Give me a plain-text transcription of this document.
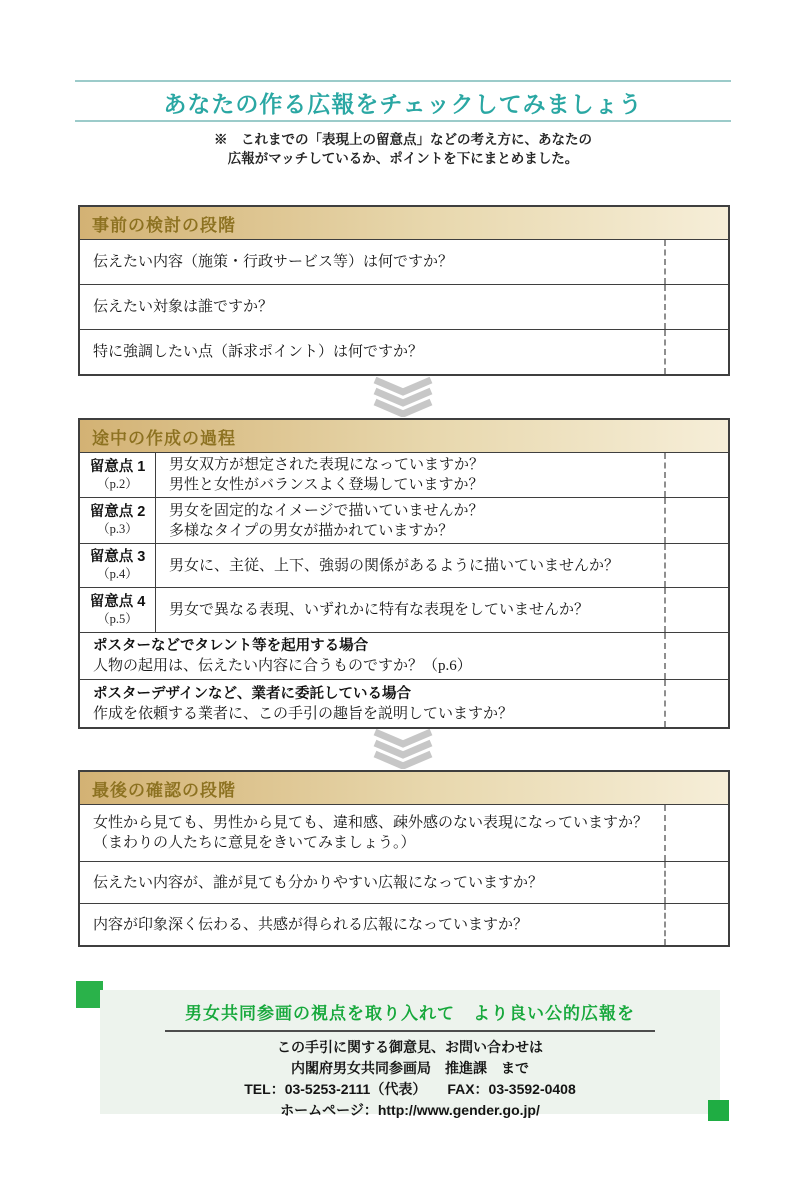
あなたの作る広報をチェックしてみましょう
※　これまでの「表現上の留意点」などの考え方に、あなたの
広報がマッチしているか、ポイントを下にまとめました。
事前の検討の段階
伝えたい内容（施策・行政サービス等）は何ですか？
伝えたい対象は誰ですか？
特に強調したい点（訴求ポイント）は何ですか？
途中の作成の過程
留意点 1
（p.2）
男女双方が想定された表現になっていますか？
男性と女性がバランスよく登場していますか？
留意点 2
（p.3）
男女を固定的なイメージで描いていませんか？
多様なタイプの男女が描かれていますか？
留意点 3
（p.4）
男女に、主従、上下、強弱の関係があるように描いていませんか？
留意点 4
（p.5）
男女で異なる表現、いずれかに特有な表現をしていませんか？
ポスターなどでタレント等を起用する場合
人物の起用は、伝えたい内容に合うものですか？（p.6）
ポスターデザインなど、業者に委託している場合
作成を依頼する業者に、この手引の趣旨を説明していますか？
最後の確認の段階
女性から見ても、男性から見ても、違和感、疎外感のない表現になっていますか？
（まわりの人たちに意見をきいてみましょう。）
伝えたい内容が、誰が見ても分かりやすい広報になっていますか？
内容が印象深く伝わる、共感が得られる広報になっていますか？
男女共同参画の視点を取り入れて　より良い公的広報を
この手引に関する御意見、お問い合わせは
内閣府男女共同参画局　推進課　まで
TEL：03-5253-2111（代表）　　FAX：03-3592-0408
ホームページ：http://www.gender.go.jp/
